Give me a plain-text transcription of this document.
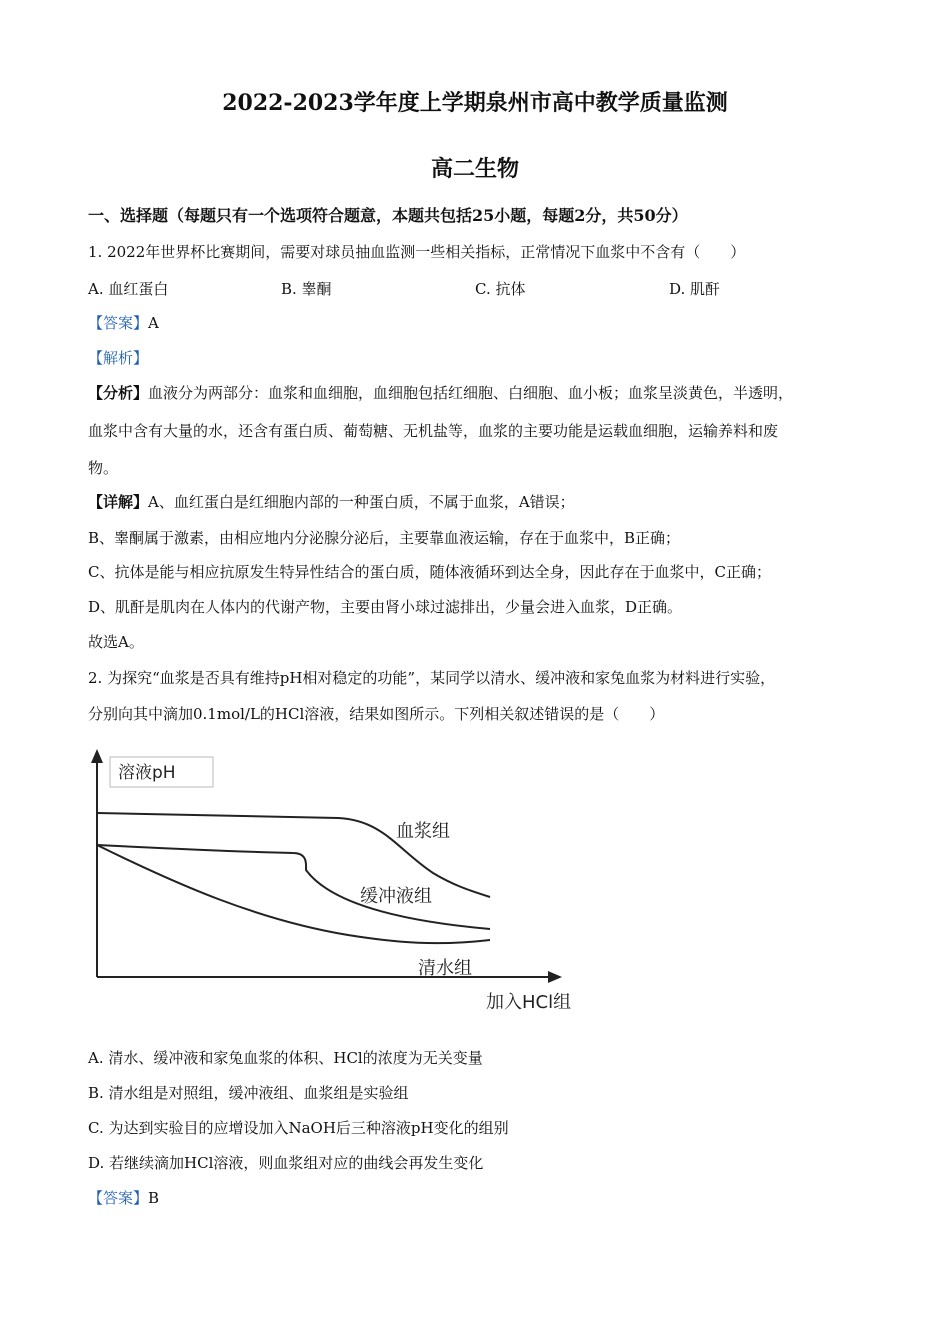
2022-2023学年度上学期泉州市高中教学质量监测
高二生物
一、选择题（每题只有一个选项符合题意，本题共包括25小题，每题2分，共50分）
1. 2022年世界杯比赛期间，需要对球员抽血监测一些相关指标，正常情况下血浆中不含有（　　）
A. 血红蛋白	B. 睾酮	C. 抗体	D. 肌酐
【答案】A
【解析】
【分析】血液分为两部分：血浆和血细胞，血细胞包括红细胞、白细胞、血小板；血浆呈淡黄色，半透明，
血浆中含有大量的水，还含有蛋白质、葡萄糖、无机盐等，血浆的主要功能是运载血细胞，运输养料和废
物。
【详解】A、血红蛋白是红细胞内部的一种蛋白质，不属于血浆，A错误；
B、睾酮属于激素，由相应地内分泌腺分泌后，主要靠血液运输，存在于血浆中，B正确；
C、抗体是能与相应抗原发生特异性结合的蛋白质，随体液循环到达全身，因此存在于血浆中，C正确；
D、肌酐是肌肉在人体内的代谢产物，主要由肾小球过滤排出，少量会进入血浆，D正确。
故选A。
2. 为探究“血浆是否具有维持pH相对稳定的功能”，某同学以清水、缓冲液和家兔血浆为材料进行实验，
分别向其中滴加0.1mol/L的HCl溶液，结果如图所示。下列相关叙述错误的是（　　）
溶液pH
血浆组
缓冲液组
清水组
加入HCl组
A. 清水、缓冲液和家兔血浆的体积、HCl的浓度为无关变量
B. 清水组是对照组，缓冲液组、血浆组是实验组
C. 为达到实验目的应增设加入NaOH后三种溶液pH变化的组别
D. 若继续滴加HCl溶液，则血浆组对应的曲线会再发生变化
【答案】B
